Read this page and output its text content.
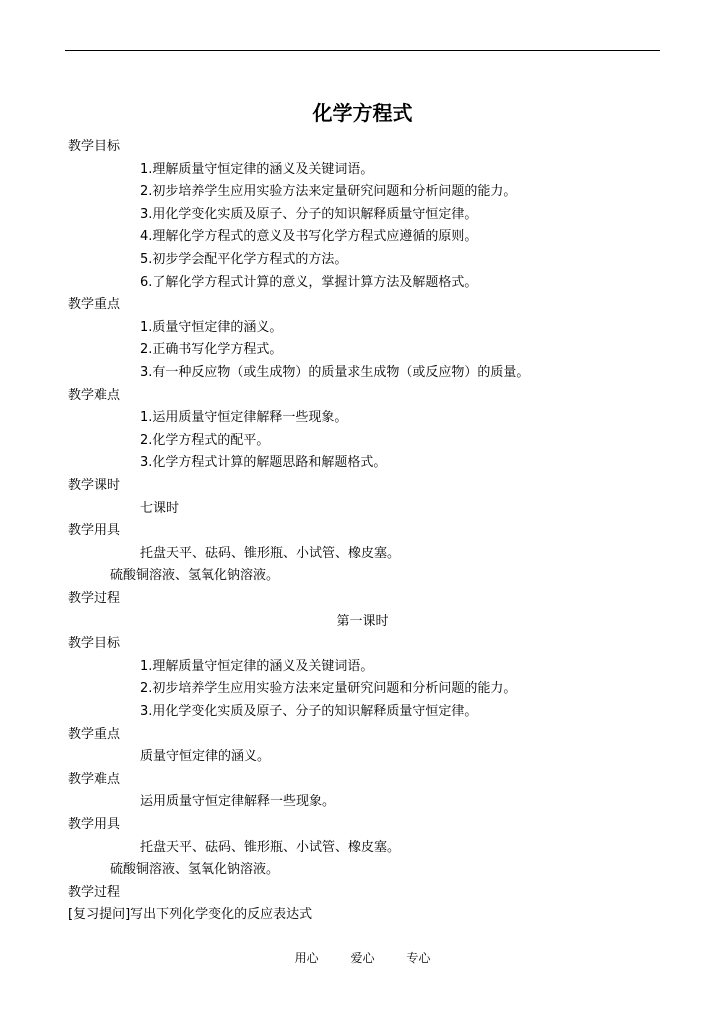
化学方程式
教学目标
1.理解质量守恒定律的涵义及关键词语。
2.初步培养学生应用实验方法来定量研究问题和分析问题的能力。
3.用化学变化实质及原子、分子的知识解释质量守恒定律。
4.理解化学方程式的意义及书写化学方程式应遵循的原则。
5.初步学会配平化学方程式的方法。
6.了解化学方程式计算的意义，掌握计算方法及解题格式。
教学重点
1.质量守恒定律的涵义。
2.正确书写化学方程式。
3.有一种反应物（或生成物）的质量求生成物（或反应物）的质量。
教学难点
1.运用质量守恒定律解释一些现象。
2.化学方程式的配平。
3.化学方程式计算的解题思路和解题格式。
教学课时
七课时
教学用具
托盘天平、砝码、锥形瓶、小试管、橡皮塞。
硫酸铜溶液、氢氧化钠溶液。
教学过程
第一课时
教学目标
1.理解质量守恒定律的涵义及关键词语。
2.初步培养学生应用实验方法来定量研究问题和分析问题的能力。
3.用化学变化实质及原子、分子的知识解释质量守恒定律。
教学重点
质量守恒定律的涵义。
教学难点
运用质量守恒定律解释一些现象。
教学用具
托盘天平、砝码、锥形瓶、小试管、橡皮塞。
硫酸铜溶液、氢氧化钠溶液。
教学过程
[复习提问]写出下列化学变化的反应表达式
用心	爱心	专心
